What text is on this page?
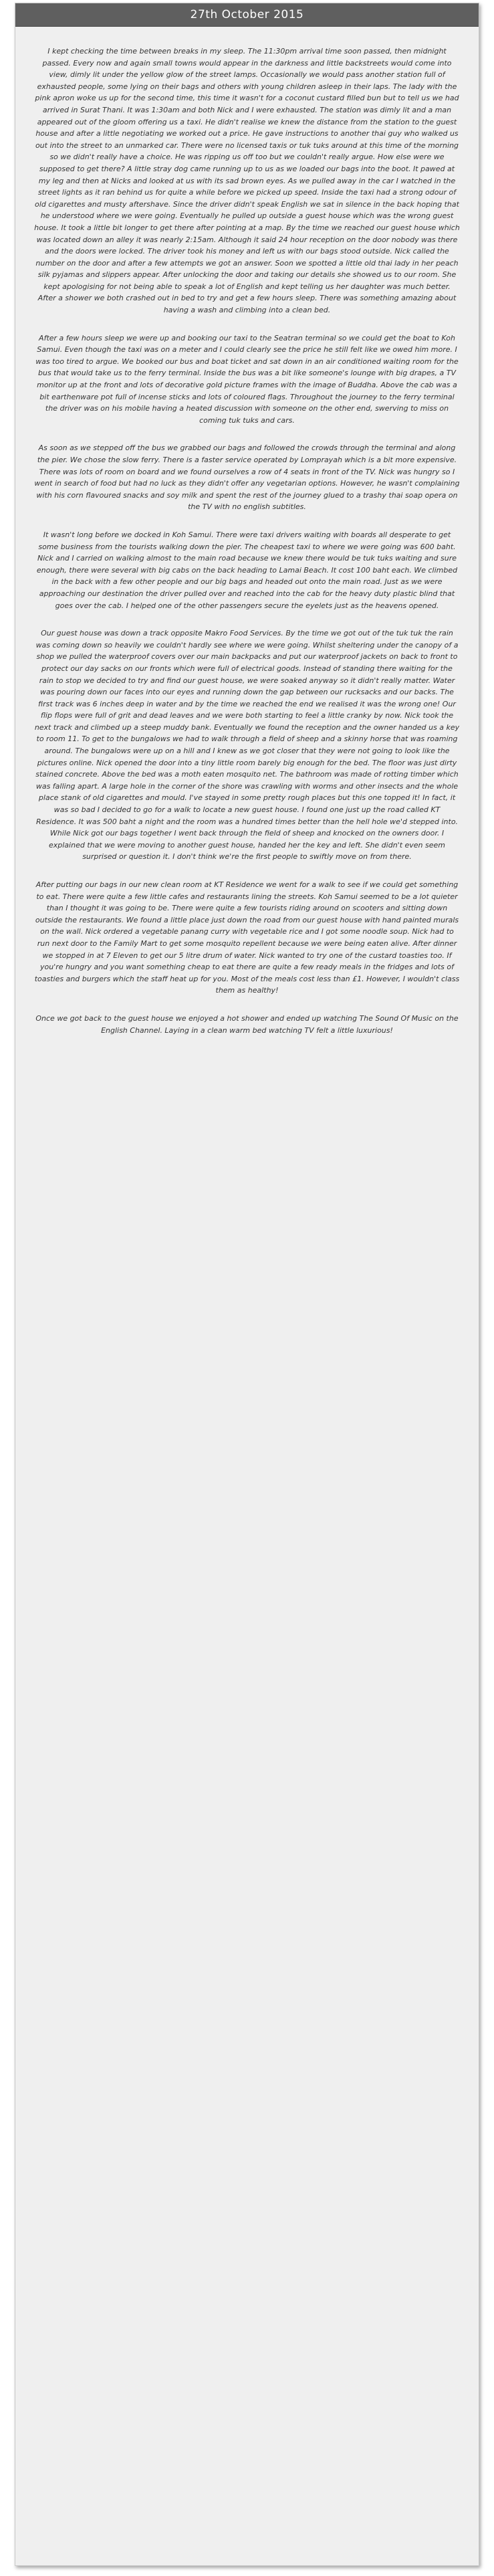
27th October 2015

I kept checking the time between breaks in my sleep. The 11:30pm arrival time soon passed, then midnight passed. Every now and again small towns would appear in the darkness and little backstreets would come into view, dimly lit under the yellow glow of the street lamps. Occasionally we would pass another station full of exhausted people, some lying on their bags and others with young children asleep in their laps. The lady with the pink apron woke us up for the second time, this time it wasn't for a coconut custard filled bun but to tell us we had arrived in Surat Thani. It was 1:30am and both Nick and I were exhausted. The station was dimly lit and a man appeared out of the gloom offering us a taxi. He didn't realise we knew the distance from the station to the guest house and after a little negotiating we worked out a price. He gave instructions to another thai guy who walked us out into the street to an unmarked car. There were no licensed taxis or tuk tuks around at this time of the morning so we didn't really have a choice. He was ripping us off too but we couldn't really argue. How else were we supposed to get there? A little stray dog came running up to us as we loaded our bags into the boot. It pawed at my leg and then at Nicks and looked at us with its sad brown eyes. As we pulled away in the car I watched in the street lights as it ran behind us for quite a while before we picked up speed. Inside the taxi had a strong odour of old cigarettes and musty aftershave. Since the driver didn't speak English we sat in silence in the back hoping that he understood where we were going. Eventually he pulled up outside a guest house which was the wrong guest house. It took a little bit longer to get there after pointing at a map. By the time we reached our guest house which was located down an alley it was nearly 2:15am. Although it said 24 hour reception on the door nobody was there and the doors were locked. The driver took his money and left us with our bags stood outside. Nick called the number on the door and after a few attempts we got an answer. Soon we spotted a little old thai lady in her peach silk pyjamas and slippers appear. After unlocking the door and taking our details she showed us to our room. She kept apologising for not being able to speak a lot of English and kept telling us her daughter was much better. After a shower we both crashed out in bed to try and get a few hours sleep. There was something amazing about having a wash and climbing into a clean bed.

After a few hours sleep we were up and booking our taxi to the Seatran terminal so we could get the boat to Koh Samui. Even though the taxi was on a meter and I could clearly see the price he still felt like we owed him more. I was too tired to argue. We booked our bus and boat ticket and sat down in an air conditioned waiting room for the bus that would take us to the ferry terminal. Inside the bus was a bit like someone's lounge with big drapes, a TV monitor up at the front and lots of decorative gold picture frames with the image of Buddha. Above the cab was a bit earthenware pot full of incense sticks and lots of coloured flags. Throughout the journey to the ferry terminal the driver was on his mobile having a heated discussion with someone on the other end, swerving to miss on coming tuk tuks and cars.

As soon as we stepped off the bus we grabbed our bags and followed the crowds through the terminal and along the pier. We chose the slow ferry. There is a faster service operated by Lomprayah which is a bit more expensive. There was lots of room on board and we found ourselves a row of 4 seats in front of the TV. Nick was hungry so I went in search of food but had no luck as they didn't offer any vegetarian options. However, he wasn't complaining with his corn flavoured snacks and soy milk and spent the rest of the journey glued to a trashy thai soap opera on the TV with no english subtitles.

It wasn't long before we docked in Koh Samui. There were taxi drivers waiting with boards all desperate to get some business from the tourists walking down the pier. The cheapest taxi to where we were going was 600 baht. Nick and I carried on walking almost to the main road because we knew there would be tuk tuks waiting and sure enough, there were several with big cabs on the back heading to Lamai Beach. It cost 100 baht each. We climbed in the back with a few other people and our big bags and headed out onto the main road. Just as we were approaching our destination the driver pulled over and reached into the cab for the heavy duty plastic blind that goes over the cab. I helped one of the other passengers secure the eyelets just as the heavens opened.

Our guest house was down a track opposite Makro Food Services. By the time we got out of the tuk tuk the rain was coming down so heavily we couldn't hardly see where we were going. Whilst sheltering under the canopy of a shop we pulled the waterproof covers over our main backpacks and put our waterproof jackets on back to front to protect our day sacks on our fronts which were full of electrical goods. Instead of standing there waiting for the rain to stop we decided to try and find our guest house, we were soaked anyway so it didn't really matter. Water was pouring down our faces into our eyes and running down the gap between our rucksacks and our backs. The first track was 6 inches deep in water and by the time we reached the end we realised it was the wrong one! Our flip flops were full of grit and dead leaves and we were both starting to feel a little cranky by now. Nick took the next track and climbed up a steep muddy bank. Eventually we found the reception and the owner handed us a key to room 11. To get to the bungalows we had to walk through a field of sheep and a skinny horse that was roaming around. The bungalows were up on a hill and I knew as we got closer that they were not going to look like the pictures online. Nick opened the door into a tiny little room barely big enough for the bed. The floor was just dirty stained concrete. Above the bed was a moth eaten mosquito net. The bathroom was made of rotting timber which was falling apart. A large hole in the corner of the shore was crawling with worms and other insects and the whole place stank of old cigarettes and mould. I've stayed in some pretty rough places but this one topped it! In fact, it was so bad I decided to go for a walk to locate a new guest house. I found one just up the road called KT Residence. It was 500 baht a night and the room was a hundred times better than the hell hole we'd stepped into. While Nick got our bags together I went back through the field of sheep and knocked on the owners door. I explained that we were moving to another guest house, handed her the key and left. She didn't even seem surprised or question it. I don't think we're the first people to swiftly move on from there.

After putting our bags in our new clean room at KT Residence we went for a walk to see if we could get something to eat. There were quite a few little cafes and restaurants lining the streets. Koh Samui seemed to be a lot quieter than I thought it was going to be. There were quite a few tourists riding around on scooters and sitting down outside the restaurants. We found a little place just down the road from our guest house with hand painted murals on the wall. Nick ordered a vegetable panang curry with vegetable rice and I got some noodle soup. Nick had to run next door to the Family Mart to get some mosquito repellent because we were being eaten alive. After dinner we stopped in at 7 Eleven to get our 5 litre drum of water. Nick wanted to try one of the custard toasties too. If you're hungry and you want something cheap to eat there are quite a few ready meals in the fridges and lots of toasties and burgers which the staff heat up for you. Most of the meals cost less than £1. However, I wouldn't class them as healthy!

Once we got back to the guest house we enjoyed a hot shower and ended up watching The Sound Of Music on the English Channel. Laying in a clean warm bed watching TV felt a little luxurious!
